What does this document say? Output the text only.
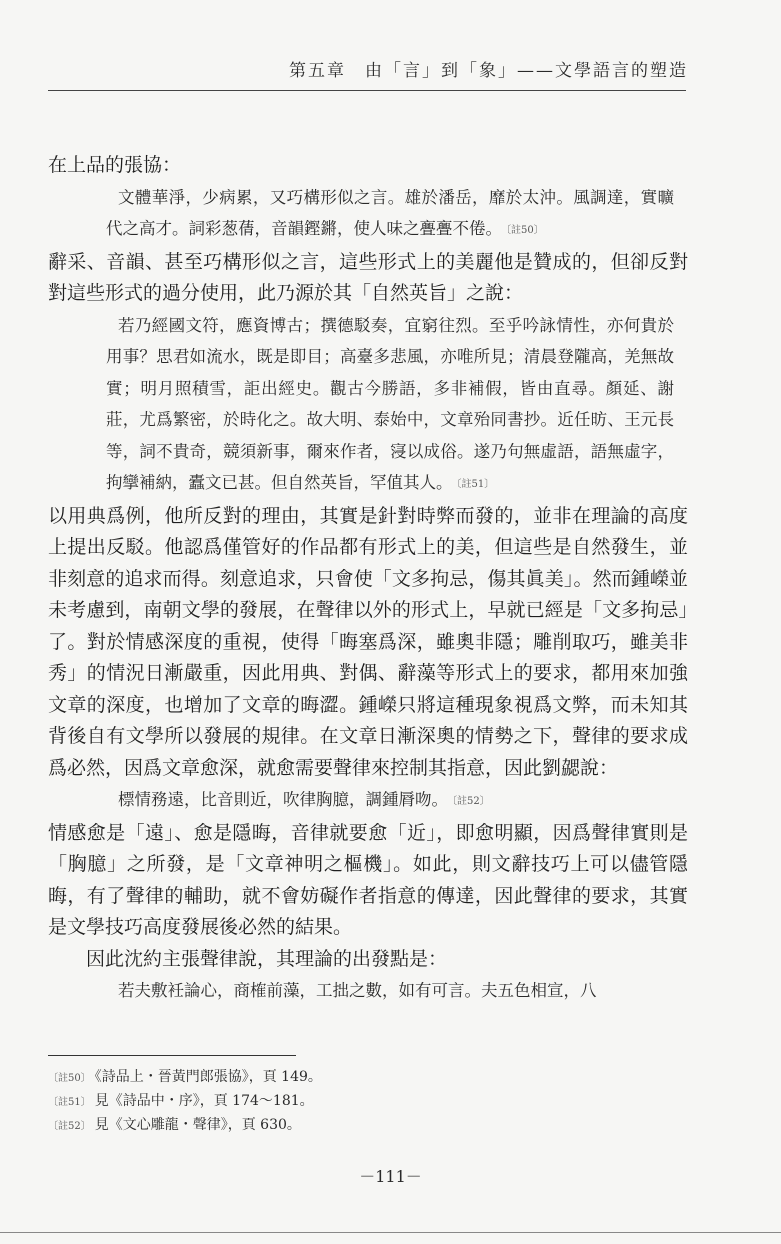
第五章　由「言」到「象」——文學語言的塑造

在上品的張協：

文體華淨，少病累，又巧構形似之言。雄於潘岳，靡於太沖。風調達，實曠代之高才。詞彩葱蒨，音韻鏗鏘，使人味之亹亹不倦。 〔註50〕

辭采、音韻、甚至巧構形似之言，這些形式上的美麗他是贊成的，但卻反對對這些形式的過分使用，此乃源於其「自然英旨」之說：

若乃經國文符，應資博古；撰德駁奏，宜窮往烈。至乎吟詠情性，亦何貴於用事？思君如流水，既是即目；高臺多悲風，亦唯所見；清晨登隴高，羌無故實；明月照積雪，詎出經史。觀古今勝語，多非補假，皆由直尋。顏延、謝莊，尤爲繁密，於時化之。故大明、泰始中，文章殆同書抄。近任昉、王元長等，詞不貴奇，競須新事，爾來作者，寖以成俗。遂乃句無虛語，語無虛字，拘攣補納，蠹文已甚。但自然英旨，罕值其人。 〔註51〕

以用典爲例，他所反對的理由，其實是針對時弊而發的，並非在理論的高度上提出反駁。他認爲僅管好的作品都有形式上的美，但這些是自然發生，並非刻意的追求而得。刻意追求，只會使「文多拘忌，傷其眞美」。然而鍾嶸並未考慮到，南朝文學的發展，在聲律以外的形式上，早就已經是「文多拘忌」了。對於情感深度的重視，使得「晦塞爲深，雖奧非隱；雕削取巧，雖美非秀」的情況日漸嚴重，因此用典、對偶、辭藻等形式上的要求，都用來加強文章的深度，也增加了文章的晦澀。鍾嶸只將這種現象視爲文弊，而未知其背後自有文學所以發展的規律。在文章日漸深奧的情勢之下，聲律的要求成爲必然，因爲文章愈深，就愈需要聲律來控制其指意，因此劉勰說：

標情務遠，比音則近，吹律胸臆，調鍾脣吻。 〔註52〕

情感愈是「遠」、愈是隱晦，音律就要愈「近」，即愈明顯，因爲聲律實則是「胸臆」之所發，是「文章神明之樞機」。如此，則文辭技巧上可以儘管隱晦，有了聲律的輔助，就不會妨礙作者指意的傳達，因此聲律的要求，其實是文學技巧高度發展後必然的結果。

因此沈約主張聲律說，其理論的出發點是：

若夫敷衽論心，商榷前藻，工拙之數，如有可言。夫五色相宣，八

〔註50〕 《詩品上・晉黃門郎張協》，頁 149。

〔註51〕 見《詩品中・序》，頁 174～181。

〔註52〕 見《文心雕龍・聲律》，頁 630。

－111－
